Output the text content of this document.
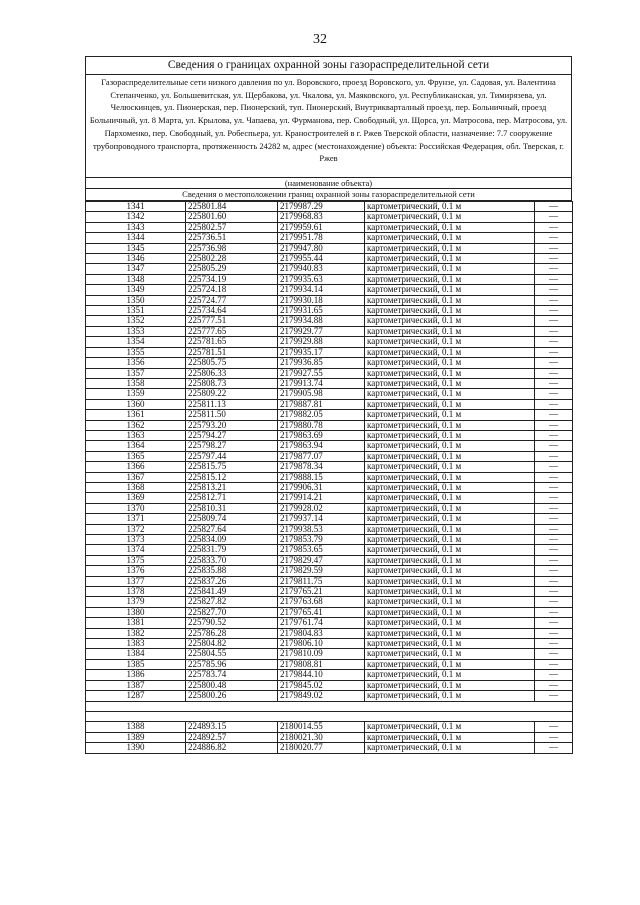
32
Сведения о границах охранной зоны газораспределительной сети
Газораспределительные сети низкого давления по ул. Воровского, проезд Воровского, ул. Фрунзе, ул. Садовая, ул. Валентина Степанченко, ул. Большевитская, ул. Щербакова, ул. Чкалова, ул. Маяковского, ул. Республиканская, ул. Тимирязева, ул. Челюскинцев, ул. Пионерская, пер. Пионерский, туп. Пионерский, Внутрикварталный проезд, пер. Больничный, проезд Больничный, ул. 8 Марта, ул. Крылова, ул. Чапаева, ул. Фурманова, пер. Свободный, ул. Щорса, ул. Матросова, пер. Матросова, ул. Пархоменко, пер. Свободный, ул. Робеспьера, ул. Краностроителей в г. Ржев Тверской области, назначение: 7.7 сооружение трубопроводного транспорта, протяженность 24282 м, адрес (местонахождение) объекта: Российская Федерация, обл. Тверская, г. Ржев
(наименование объекта)
Сведения о местоположении границ охранной зоны газораспределительной сети
1341	225801.84	2179987.29	картометрический, 0.1 м	—
1342	225801.60	2179968.83	картометрический, 0.1 м	—
1343	225802.57	2179959.61	картометрический, 0.1 м	—
1344	225736.51	2179951.78	картометрический, 0.1 м	—
1345	225736.98	2179947.80	картометрический, 0.1 м	—
1346	225802.28	2179955.44	картометрический, 0.1 м	—
1347	225805.29	2179940.83	картометрический, 0.1 м	—
1348	225734.19	2179935.63	картометрический, 0.1 м	—
1349	225724.18	2179934.14	картометрический, 0.1 м	—
1350	225724.77	2179930.18	картометрический, 0.1 м	—
1351	225734.64	2179931.65	картометрический, 0.1 м	—
1352	225777.51	2179934.88	картометрический, 0.1 м	—
1353	225777.65	2179929.77	картометрический, 0.1 м	—
1354	225781.65	2179929.88	картометрический, 0.1 м	—
1355	225781.51	2179935.17	картометрический, 0.1 м	—
1356	225805.75	2179936.85	картометрический, 0.1 м	—
1357	225806.33	2179927.55	картометрический, 0.1 м	—
1358	225808.73	2179913.74	картометрический, 0.1 м	—
1359	225809.22	2179905.98	картометрический, 0.1 м	—
1360	225811.13	2179887.81	картометрический, 0.1 м	—
1361	225811.50	2179882.05	картометрический, 0.1 м	—
1362	225793.20	2179880.78	картометрический, 0.1 м	—
1363	225794.27	2179863.69	картометрический, 0.1 м	—
1364	225798.27	2179863.94	картометрический, 0.1 м	—
1365	225797.44	2179877.07	картометрический, 0.1 м	—
1366	225815.75	2179878.34	картометрический, 0.1 м	—
1367	225815.12	2179888.15	картометрический, 0.1 м	—
1368	225813.21	2179906.31	картометрический, 0.1 м	—
1369	225812.71	2179914.21	картометрический, 0.1 м	—
1370	225810.31	2179928.02	картометрический, 0.1 м	—
1371	225809.74	2179937.14	картометрический, 0.1 м	—
1372	225827.64	2179938.53	картометрический, 0.1 м	—
1373	225834.09	2179853.79	картометрический, 0.1 м	—
1374	225831.79	2179853.65	картометрический, 0.1 м	—
1375	225833.70	2179829.47	картометрический, 0.1 м	—
1376	225835.88	2179829.59	картометрический, 0.1 м	—
1377	225837.26	2179811.75	картометрический, 0.1 м	—
1378	225841.49	2179765.21	картометрический, 0.1 м	—
1379	225827.82	2179763.68	картометрический, 0.1 м	—
1380	225827.70	2179765.41	картометрический, 0.1 м	—
1381	225790.52	2179761.74	картометрический, 0.1 м	—
1382	225786.28	2179804.83	картометрический, 0.1 м	—
1383	225804.82	2179806.10	картометрический, 0.1 м	—
1384	225804.55	2179810.09	картометрический, 0.1 м	—
1385	225785.96	2179808.81	картометрический, 0.1 м	—
1386	225783.74	2179844.10	картометрический, 0.1 м	—
1387	225800.48	2179845.02	картометрический, 0.1 м	—
1287	225800.26	2179849.02	картометрический, 0.1 м	—

1388	224893.15	2180014.55	картометрический, 0.1 м	—
1389	224892.57	2180021.30	картометрический, 0.1 м	—
1390	224886.82	2180020.77	картометрический, 0.1 м	—
